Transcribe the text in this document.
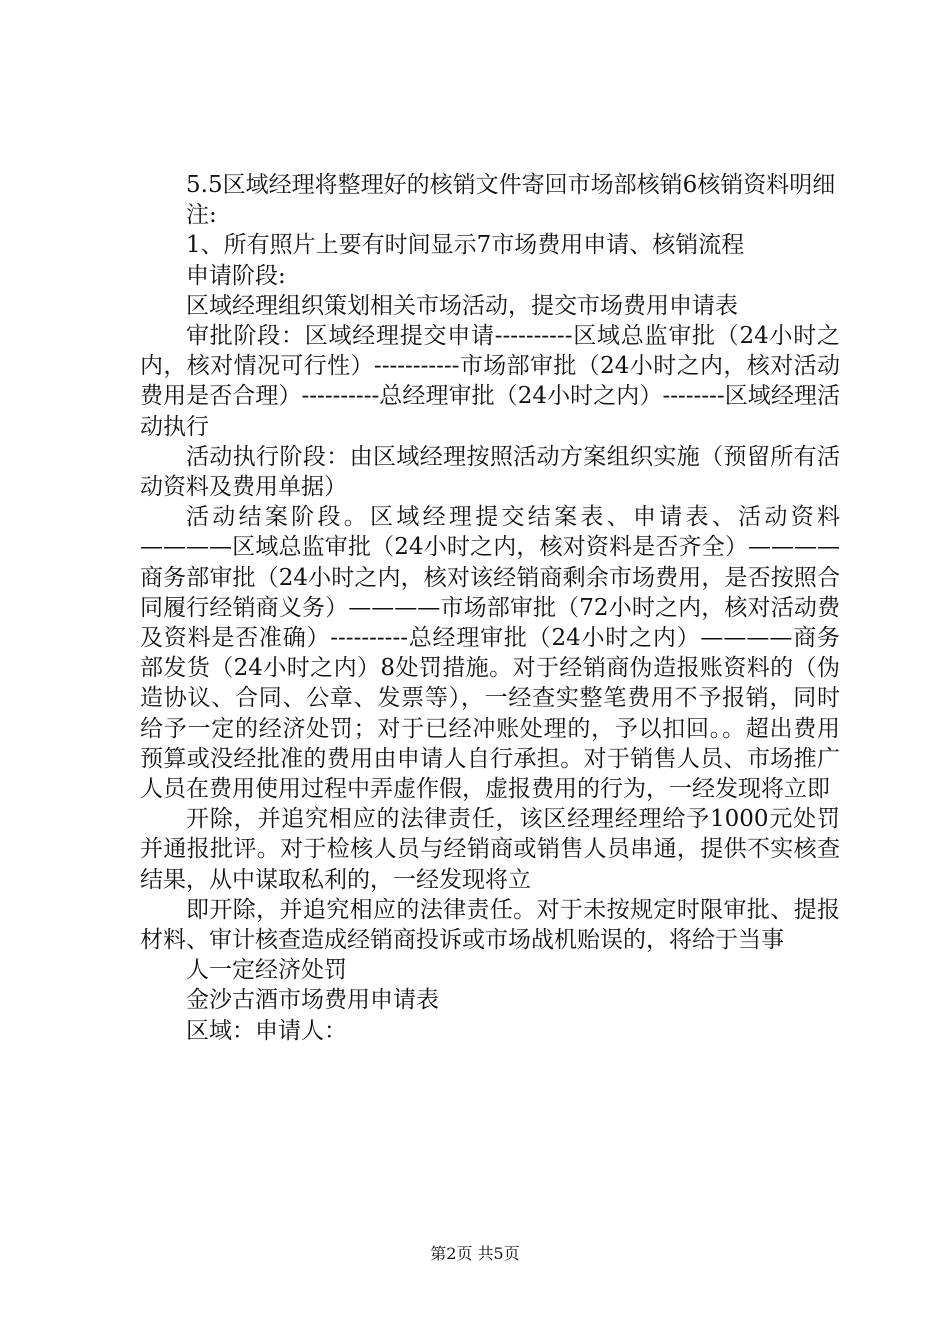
5.5区域经理将整理好的核销文件寄回市场部核销6核销资料明细

注:

1、所有照片上要有时间显示7市场费用申请、核销流程

申请阶段:

区域经理组织策划相关市场活动，提交市场费用申请表

审批阶段：区域经理提交申请----------区域总监审批（24小时之内，核对情况可行性）-----------市场部审批（24小时之内，核对活动费用是否合理）----------总经理审批（24小时之内）--------区域经理活动执行

活动执行阶段：由区域经理按照活动方案组织实施（预留所有活动资料及费用单据）

活动结案阶段。区域经理提交结案表、申请表、活动资料————区域总监审批（24小时之内，核对资料是否齐全）————商务部审批（24小时之内，核对该经销商剩余市场费用，是否按照合同履行经销商义务）————市场部审批（72小时之内，核对活动费及资料是否准确）----------总经理审批（24小时之内）————商务部发货（24小时之内）8处罚措施。对于经销商伪造报账资料的（伪造协议、合同、公章、发票等），一经查实整笔费用不予报销，同时给予一定的经济处罚；对于已经冲账处理的，予以扣回。。超出费用预算或没经批准的费用由申请人自行承担。对于销售人员、市场推广人员在费用使用过程中弄虚作假，虚报费用的行为，一经发现将立即

开除，并追究相应的法律责任，该区经理经理给予1000元处罚并通报批评。对于检核人员与经销商或销售人员串通，提供不实核查结果，从中谋取私利的，一经发现将立

即开除，并追究相应的法律责任。对于未按规定时限审批、提报材料、审计核查造成经销商投诉或市场战机贻误的，将给于当事

人一定经济处罚

金沙古酒市场费用申请表

区域：申请人：

第2页 共5页
